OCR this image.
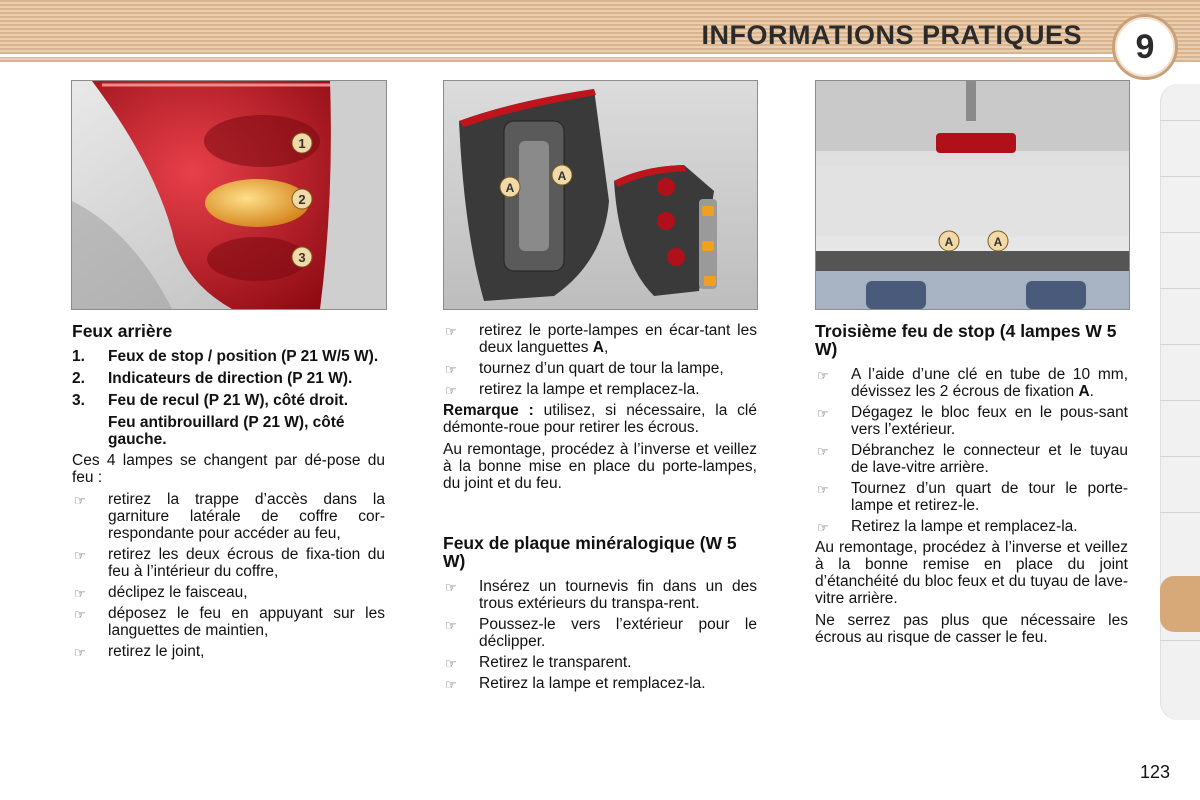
INFORMATIONS PRATIQUES	9
1
2
3
A
A
A	A
Feux arrière
1. Feux de stop / position (P 21 W/5 W).
2. Indicateurs de direction (P 21 W).
3. Feu de recul (P 21 W), côté droit.
Feu antibrouillard (P 21 W), côté gauche.

Ces 4 lampes se changent par dé-pose du feu :

☞ retirez la trappe d’accès dans la garniture latérale de coffre cor-respondante pour accéder au feu,
☞ retirez les deux écrous de fixa-tion du feu à l’intérieur du coffre,
☞ déclipez le faisceau,
☞ déposez le feu en appuyant sur les languettes de maintien,
☞ retirez le joint,
☞ retirez le porte-lampes en écar-tant les deux languettes A,
☞ tournez d’un quart de tour la lampe,
☞ retirez la lampe et remplacez-la.

Remarque : utilisez, si nécessaire, la clé démonte-roue pour retirer les écrous.

Au remontage, procédez à l’inverse et veillez à la bonne mise en place du porte-lampes, du joint et du feu.

Feux de plaque minéralogique (W 5 W)
☞ Insérez un tournevis fin dans un des trous extérieurs du transpa-rent.
☞ Poussez-le vers l’extérieur pour le déclipper.
☞ Retirez le transparent.
☞ Retirez la lampe et remplacez-la.
Troisième feu de stop (4 lampes W 5 W)
☞ A l’aide d’une clé en tube de 10 mm, dévissez les 2 écrous de fixation A.
☞ Dégagez le bloc feux en le pous-sant vers l’extérieur.
☞ Débranchez le connecteur et le tuyau de lave-vitre arrière.
☞ Tournez d’un quart de tour le porte-lampe et retirez-le.
☞ Retirez la lampe et remplacez-la.

Au remontage, procédez à l’inverse et veillez à la bonne remise en place du joint d’étanchéité du bloc feux et du tuyau de lave-vitre arrière.

Ne serrez pas plus que nécessaire les écrous au risque de casser le feu.

123
